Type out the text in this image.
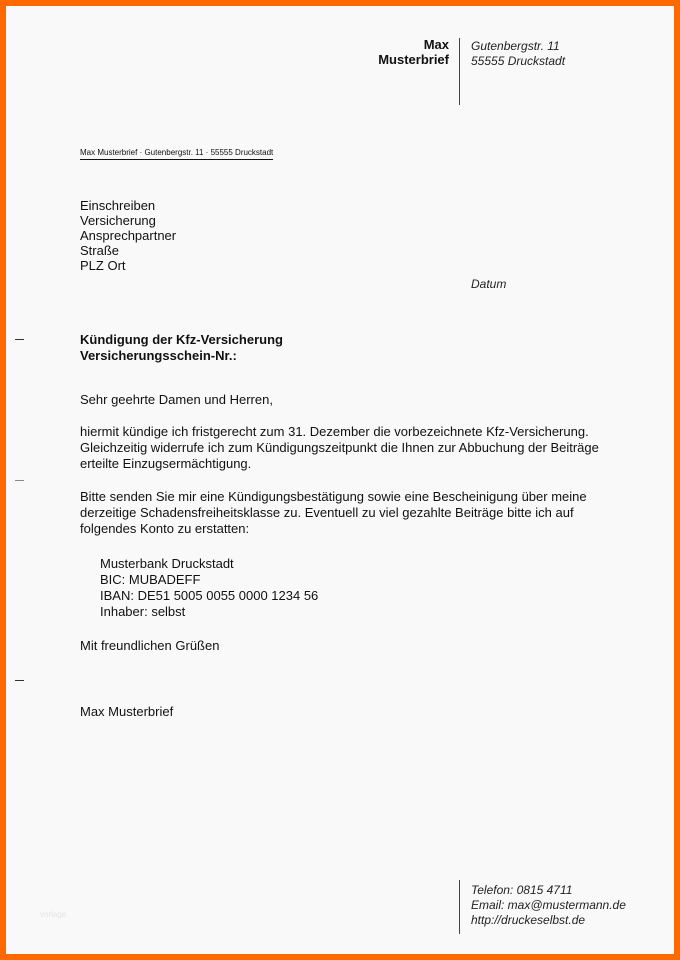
Max
Musterbrief
Gutenbergstr. 11
55555 Druckstadt
Max Musterbrief · Gutenbergstr. 11 · 55555 Druckstadt
Einschreiben
Versicherung
Ansprechpartner
Straße
PLZ Ort
Datum
Kündigung der Kfz-Versicherung
Versicherungsschein-Nr.:
Sehr geehrte Damen und Herren,
hiermit kündige ich fristgerecht zum 31. Dezember die vorbezeichnete Kfz-Versicherung.
Gleichzeitig widerrufe ich zum Kündigungszeitpunkt die Ihnen zur Abbuchung der Beiträge
erteilte Einzugsermächtigung.
Bitte senden Sie mir eine Kündigungsbestätigung sowie eine Bescheinigung über meine
derzeitige Schadensfreiheitsklasse zu. Eventuell zu viel gezahlte Beiträge bitte ich auf
folgendes Konto zu erstatten:
Musterbank Druckstadt
BIC: MUBADEFF
IBAN: DE51 5005 0055 0000 1234 56
Inhaber: selbst
Mit freundlichen Grüßen
Max Musterbrief
Telefon: 0815 4711
Email: max@mustermann.de
http://druckeselbst.de
vorlage
